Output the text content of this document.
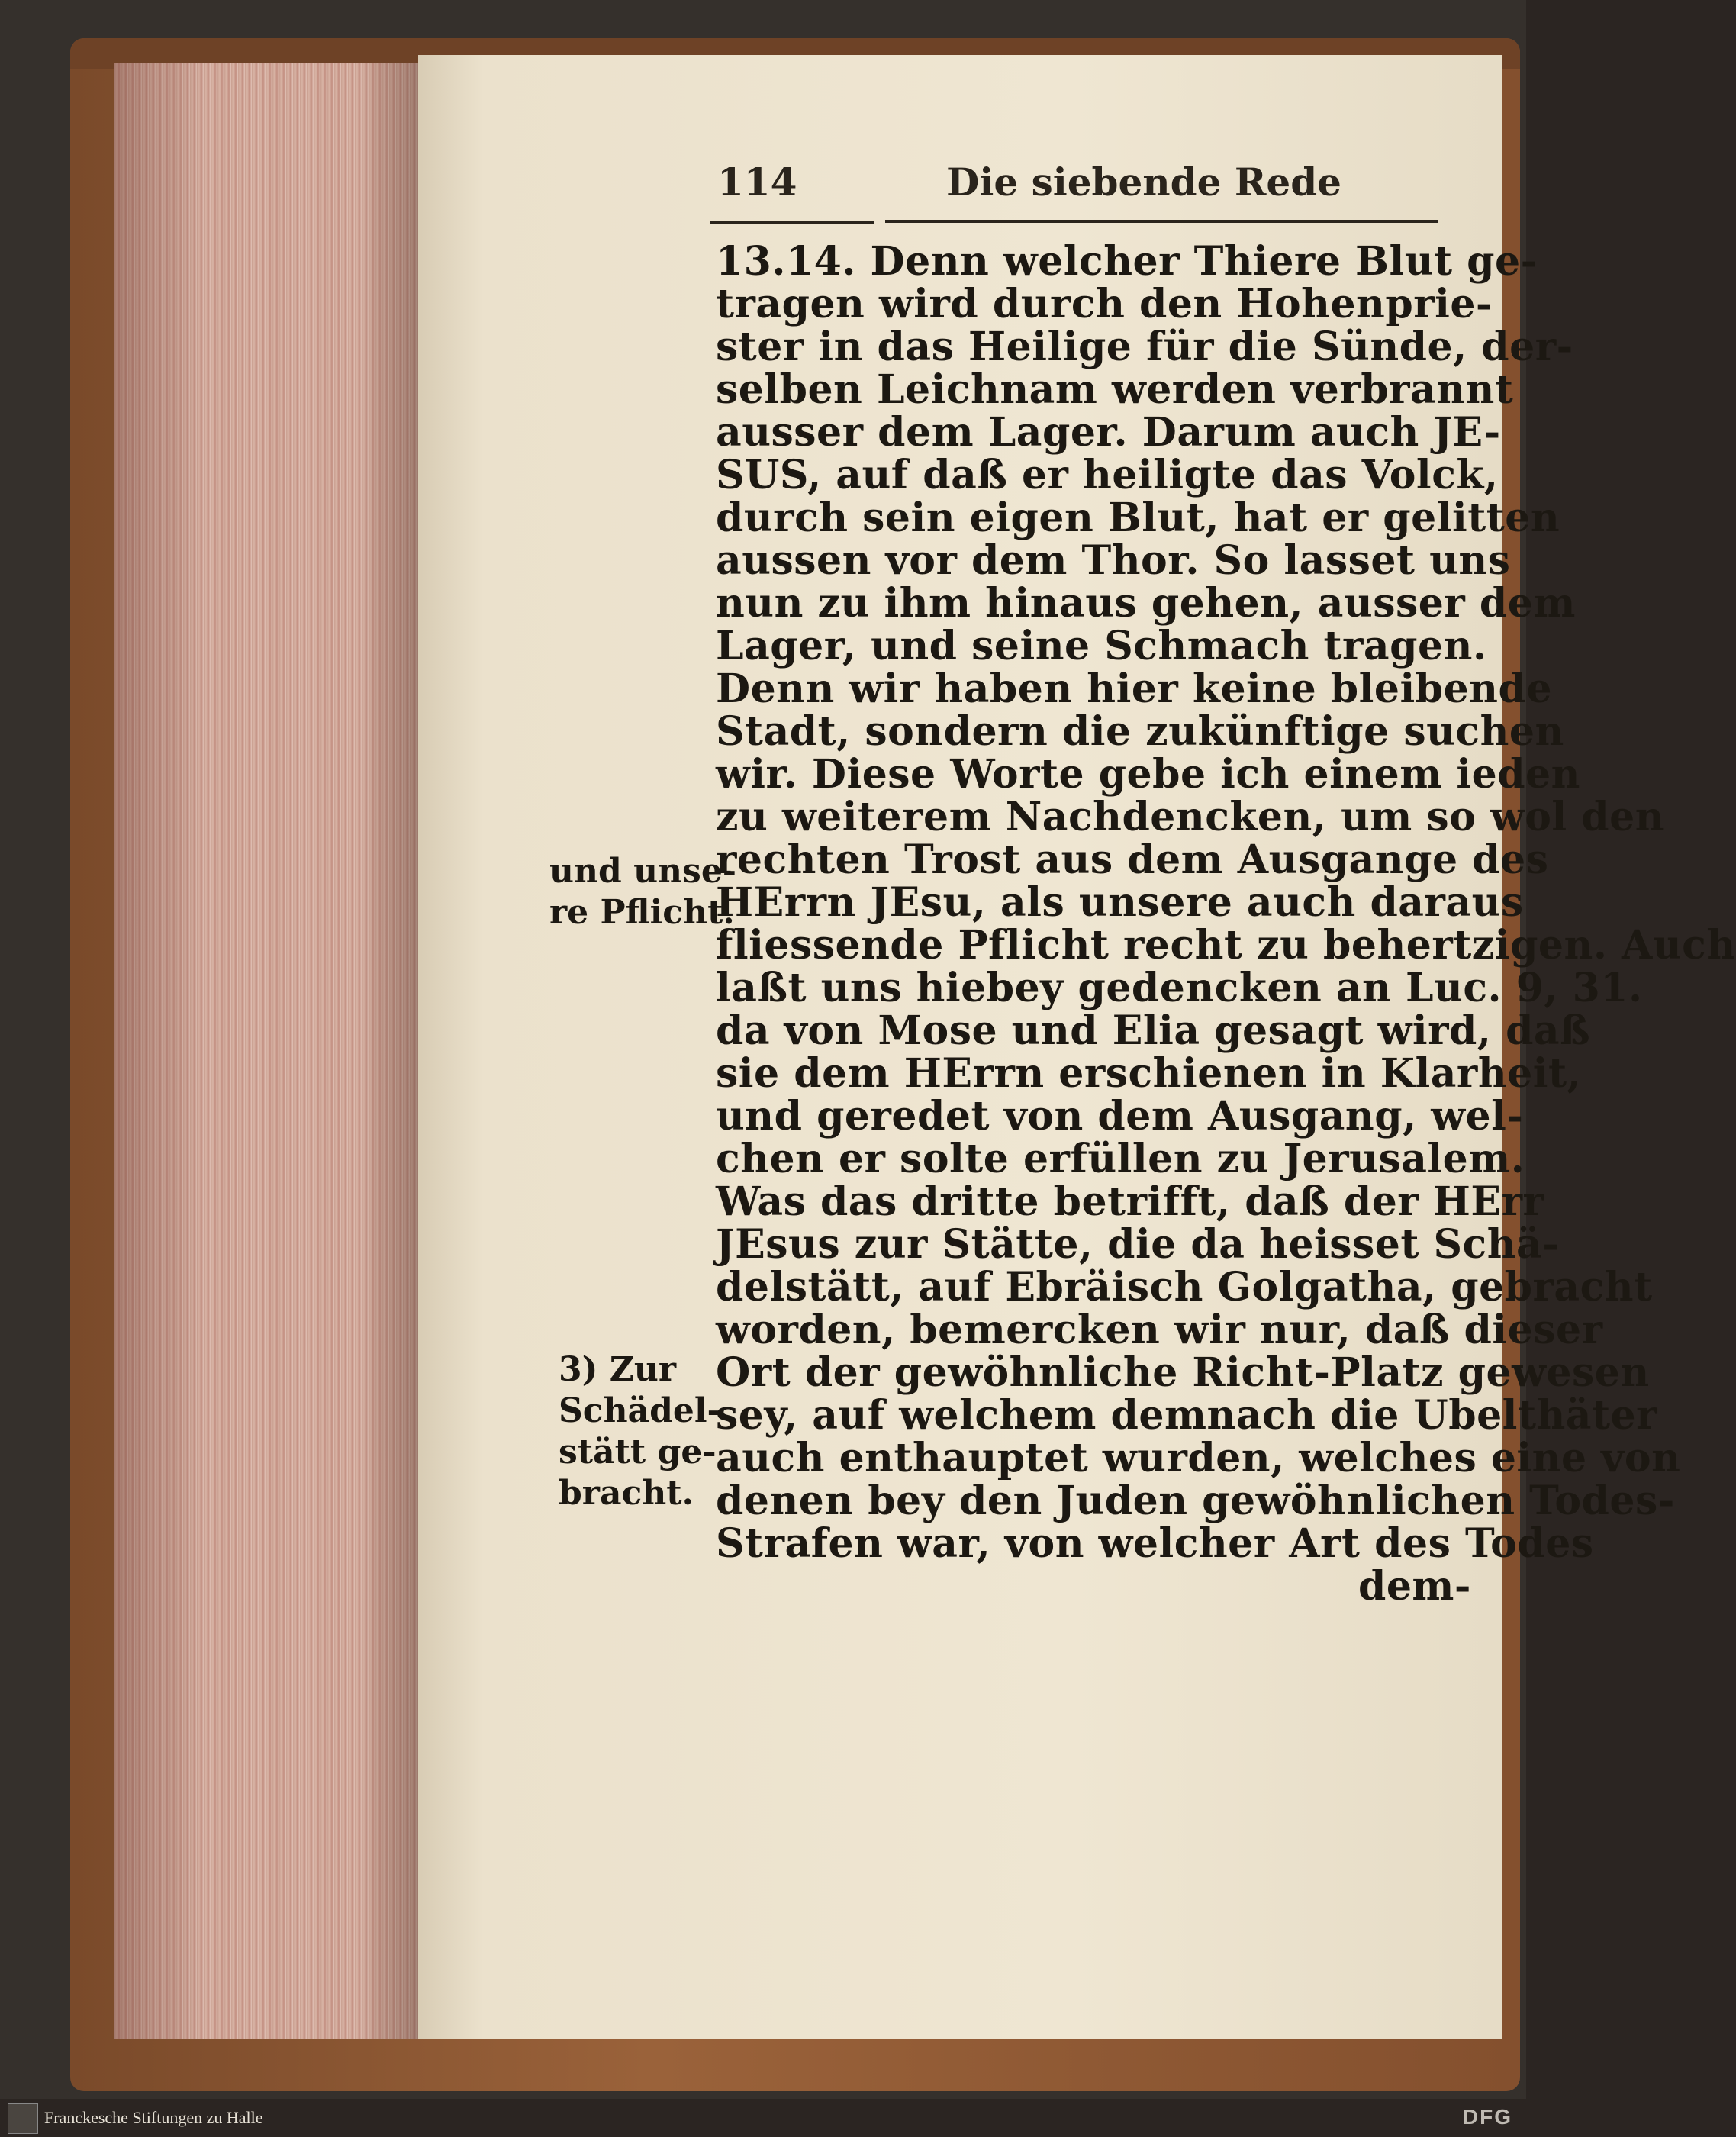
114	Die siebende Rede
13.14. Denn welcher Thiere Blut ge-
tragen wird durch den Hohenprie-
ster in das Heilige für die Sünde, der-
selben Leichnam werden verbrannt
ausser dem Lager. Darum auch JE-
SUS, auf daß er heiligte das Volck,
durch sein eigen Blut, hat er gelitten
aussen vor dem Thor. So lasset uns
nun zu ihm hinaus gehen, ausser dem
Lager, und seine Schmach tragen.
Denn wir haben hier keine bleibende
Stadt, sondern die zukünftige suchen
wir. Diese Worte gebe ich einem ieden
zu weiterem Nachdencken, um so wol den
rechten Trost aus dem Ausgange des
HErrn JEsu, als unsere auch daraus
fliessende Pflicht recht zu behertzigen. Auch
laßt uns hiebey gedencken an Luc. 9, 31.
da von Mose und Elia gesagt wird, daß
sie dem HErrn erschienen in Klarheit,
und geredet von dem Ausgang, wel-
chen er solte erfüllen zu Jerusalem.
Was das dritte betrifft, daß der HErr
JEsus zur Stätte, die da heisset Schä-
delstätt, auf Ebräisch Golgatha, gebracht
worden, bemercken wir nur, daß dieser
Ort der gewöhnliche Richt-Platz gewesen
sey, auf welchem demnach die Ubelthäter
auch enthauptet wurden, welches eine von
denen bey den Juden gewöhnlichen Todes-
Strafen war, von welcher Art des Todes
dem-
und unse-
re Pflicht.
3) Zur
Schädel-
stätt ge-
bracht.
Franckesche Stiftungen zu Halle	DFG
